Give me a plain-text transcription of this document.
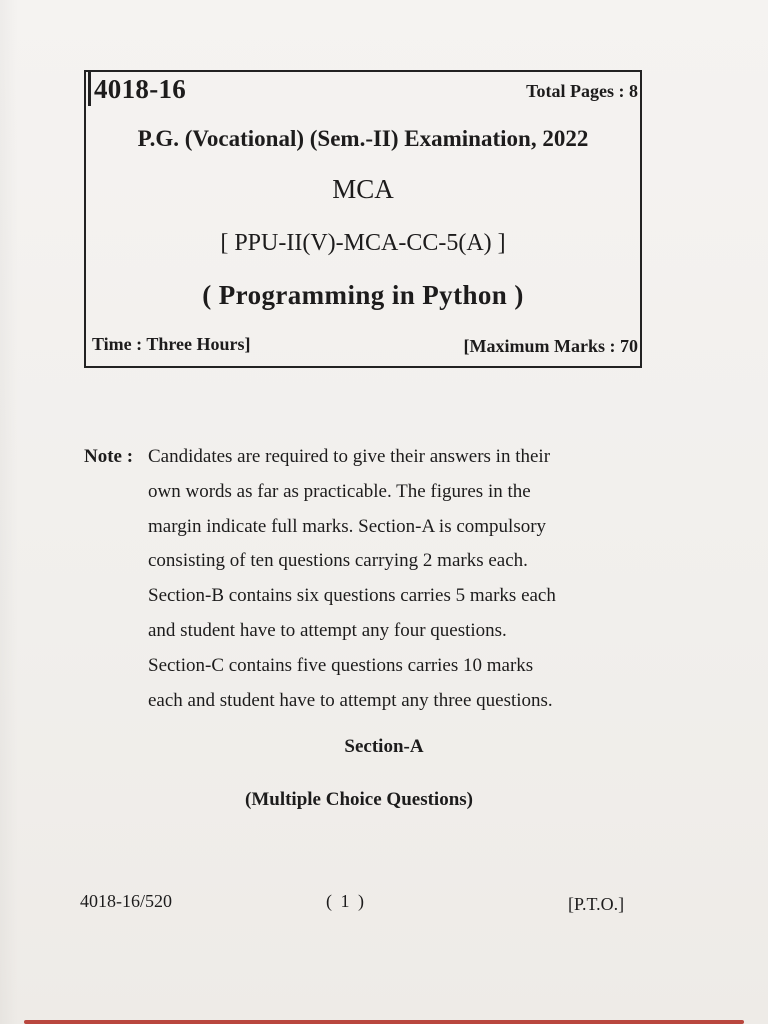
4018-16	Total Pages : 8
P.G. (Vocational) (Sem.-II) Examination, 2022
MCA
[ PPU-II(V)-MCA-CC-5(A) ]
( Programming in Python )
Time : Three Hours]	[Maximum Marks : 70
Note : Candidates are required to give their answers in their
own words as far as practicable. The figures in the
margin indicate full marks. Section-A is compulsory
consisting of ten questions carrying 2 marks each.
Section-B contains six questions carries 5 marks each
and student have to attempt any four questions.
Section-C contains five questions carries 10 marks
each and student have to attempt any three questions.
Section-A
(Multiple Choice Questions)
4018-16/520	( 1 )	[P.T.O.]
